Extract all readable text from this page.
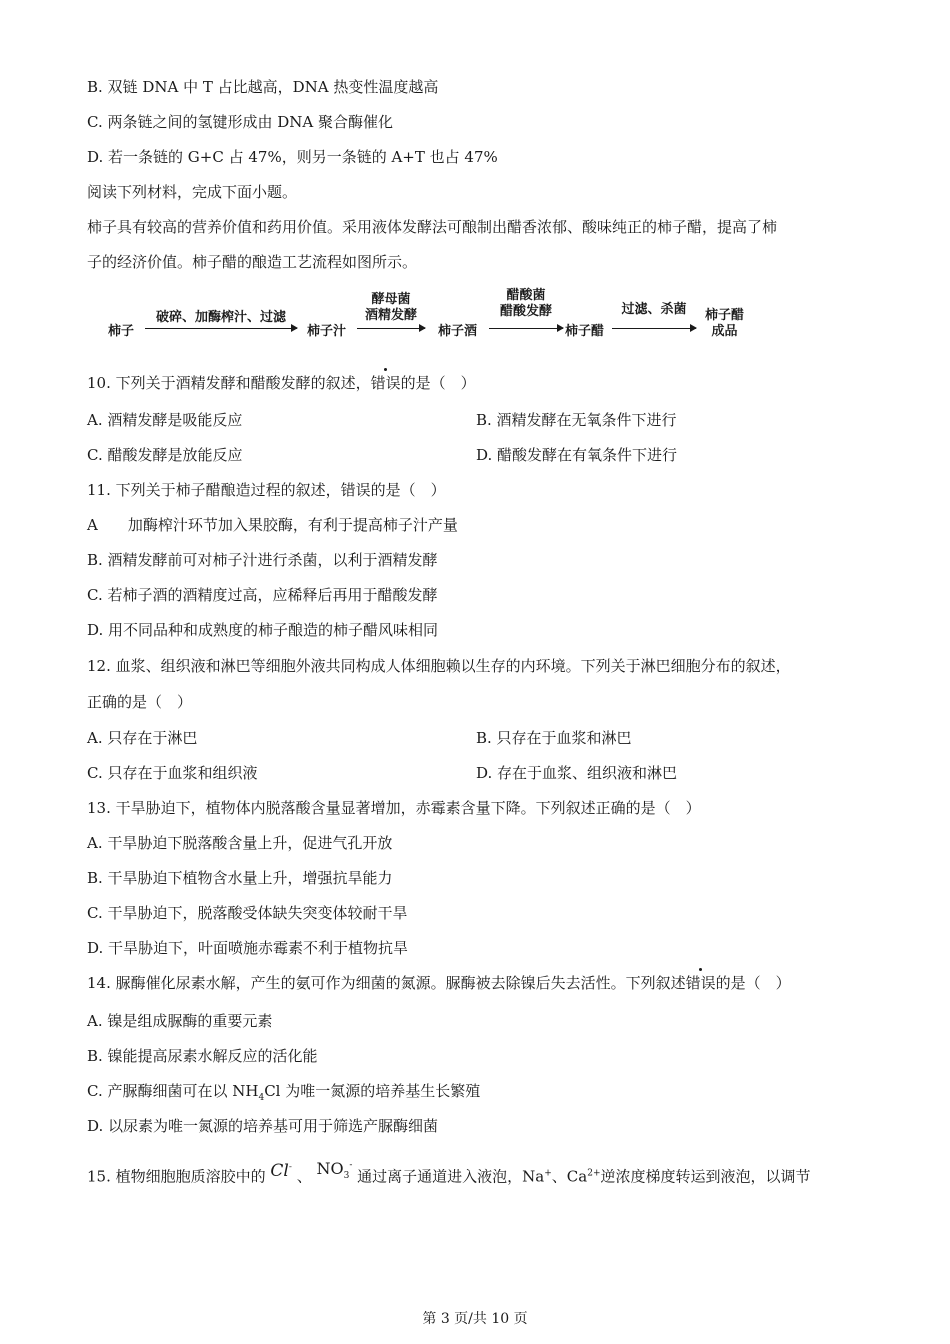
B. 双链 DNA 中 T 占比越高，DNA 热变性温度越高
C. 两条链之间的氢键形成由 DNA 聚合酶催化
D. 若一条链的 G+C 占 47%，则另一条链的 A+T 也占 47%
阅读下列材料，完成下面小题。
柿子具有较高的营养价值和药用价值。采用液体发酵法可酿制出醋香浓郁、酸味纯正的柿子醋，提高了柿
子的经济价值。柿子醋的酿造工艺流程如图所示。
柿子
破碎、加酶榨汁、过滤
柿子汁
酵母菌
酒精发酵
柿子酒
醋酸菌
醋酸发酵
柿子醋
过滤、杀菌	柿子醋
成品
10. 下列关于酒精发酵和醋酸发酵的叙述，错误的是（　）
A. 酒精发酵是吸能反应	B. 酒精发酵在无氧条件下进行
C. 醋酸发酵是放能反应	D. 醋酸发酵在有氧条件下进行
11. 下列关于柿子醋酿造过程的叙述，错误的是（　）
A　　加酶榨汁环节加入果胶酶，有利于提高柿子汁产量
B. 酒精发酵前可对柿子汁进行杀菌，以利于酒精发酵
C. 若柿子酒的酒精度过高，应稀释后再用于醋酸发酵
D. 用不同品种和成熟度的柿子酿造的柿子醋风味相同
12. 血浆、组织液和淋巴等细胞外液共同构成人体细胞赖以生存的内环境。下列关于淋巴细胞分布的叙述，
正确的是（　）
A. 只存在于淋巴	B. 只存在于血浆和淋巴
C. 只存在于血浆和组织液	D. 存在于血浆、组织液和淋巴
13. 干旱胁迫下，植物体内脱落酸含量显著增加，赤霉素含量下降。下列叙述正确的是（　）
A. 干旱胁迫下脱落酸含量上升，促进气孔开放
B. 干旱胁迫下植物含水量上升，增强抗旱能力
C. 干旱胁迫下，脱落酸受体缺失突变体较耐干旱
D. 干旱胁迫下，叶面喷施赤霉素不利于植物抗旱
14. 脲酶催化尿素水解，产生的氨可作为细菌的氮源。脲酶被去除镍后失去活性。下列叙述错误的是（　）
A. 镍是组成脲酶的重要元素
B. 镍能提高尿素水解反应的活化能
C. 产脲酶细菌可在以 $NH_4Cl$ 为唯一氮源的培养基生长繁殖
D. 以尿素为唯一氮源的培养基可用于筛选产脲酶细菌
15. 植物细胞胞质溶胶中的 Cl- 、 $NO_3^-$ 通过离子通道进入液泡，Na+、$Ca^{2+}$逆浓度梯度转运到液泡，以调节
第 3 页/共 10 页
